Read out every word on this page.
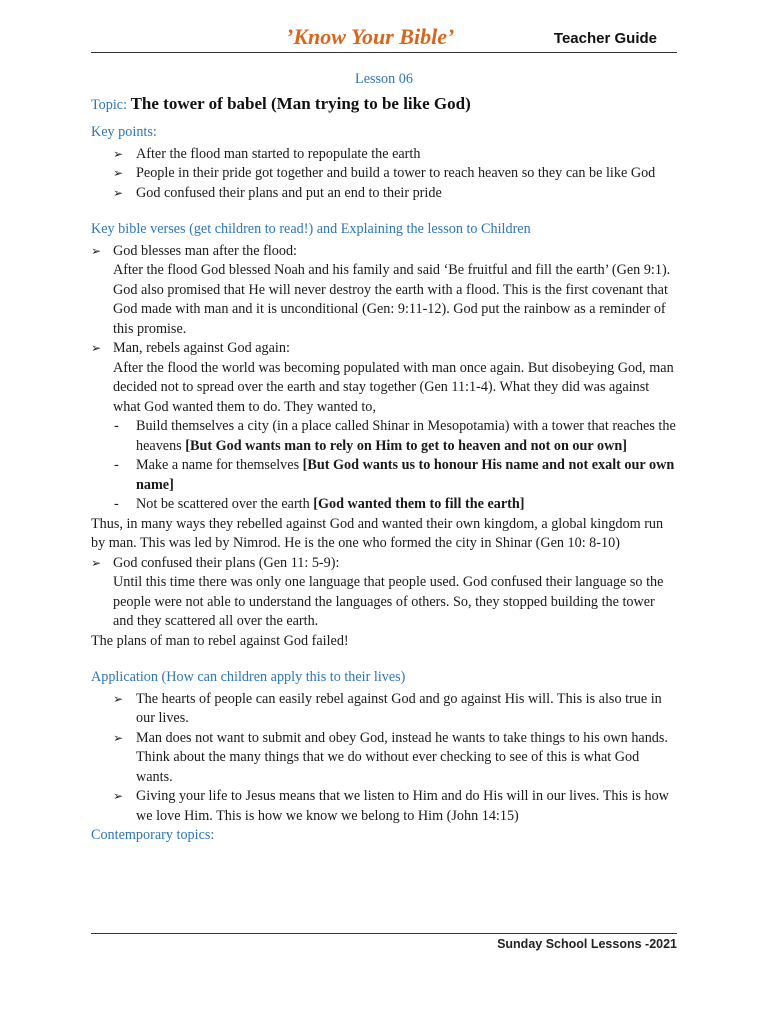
’Know Your Bible’	Teacher Guide
Lesson 06
Topic: The tower of babel (Man trying to be like God)
Key points:
➢ After the flood man started to repopulate the earth
➢ People in their pride got together and build a tower to reach heaven so they can be like God
➢ God confused their plans and put an end to their pride
Key bible verses (get children to read!) and Explaining the lesson to Children
➢ God blesses man after the flood:
After the flood God blessed Noah and his family and said ‘Be fruitful and fill the earth’ (Gen 9:1). God also promised that He will never destroy the earth with a flood. This is the first covenant that God made with man and it is unconditional (Gen: 9:11-12). God put the rainbow as a reminder of this promise.
➢ Man, rebels against God again:
After the flood the world was becoming populated with man once again. But disobeying God, man decided not to spread over the earth and stay together (Gen 11:1-4). What they did was against what God wanted them to do. They wanted to,
- Build themselves a city (in a place called Shinar in Mesopotamia) with a tower that reaches the heavens [But God wants man to rely on Him to get to heaven and not on our own]
- Make a name for themselves [But God wants us to honour His name and not exalt our own name]
- Not be scattered over the earth [God wanted them to fill the earth]
Thus, in many ways they rebelled against God and wanted their own kingdom, a global kingdom run by man. This was led by Nimrod. He is the one who formed the city in Shinar (Gen 10: 8-10)
➢ God confused their plans (Gen 11: 5-9):
Until this time there was only one language that people used. God confused their language so the people were not able to understand the languages of others. So, they stopped building the tower and they scattered all over the earth.
The plans of man to rebel against God failed!
Application (How can children apply this to their lives)
➢ The hearts of people can easily rebel against God and go against His will. This is also true in our lives.
➢ Man does not want to submit and obey God, instead he wants to take things to his own hands. Think about the many things that we do without ever checking to see of this is what God wants.
➢ Giving your life to Jesus means that we listen to Him and do His will in our lives. This is how we love Him. This is how we know we belong to Him (John 14:15)
Contemporary topics:
Sunday School Lessons -2021
